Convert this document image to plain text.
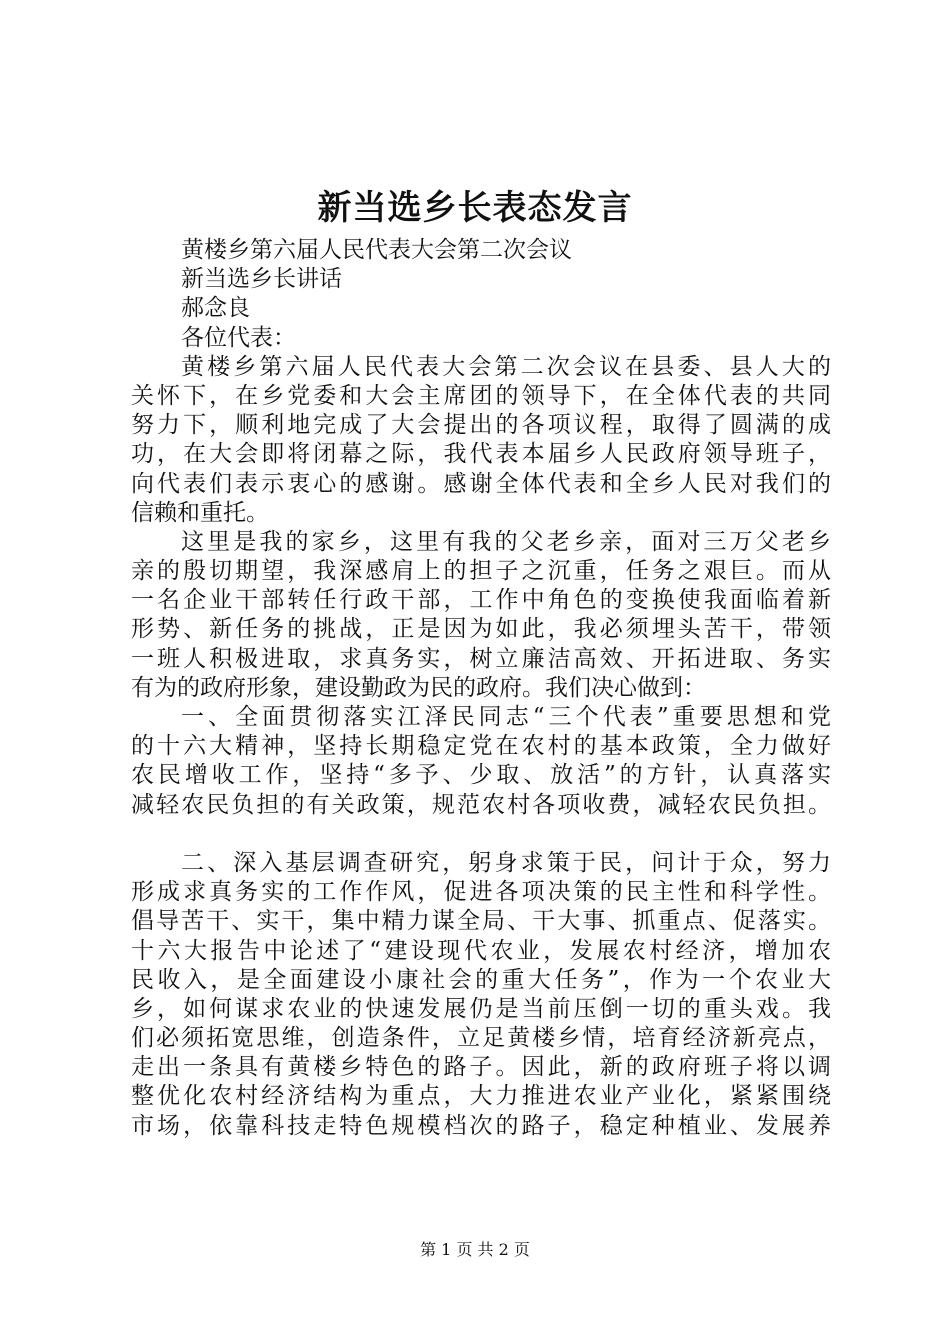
新当选乡长表态发言
黄楼乡第六届人民代表大会第二次会议
新当选乡长讲话
郝念良
各位代表：
黄楼乡第六届人民代表大会第二次会议在县委、县人大的
关怀下，在乡党委和大会主席团的领导下，在全体代表的共同
努力下，顺利地完成了大会提出的各项议程，取得了圆满的成
功，在大会即将闭幕之际，我代表本届乡人民政府领导班子，
向代表们表示衷心的感谢。感谢全体代表和全乡人民对我们的
信赖和重托。
这里是我的家乡，这里有我的父老乡亲，面对三万父老乡
亲的殷切期望，我深感肩上的担子之沉重，任务之艰巨。而从
一名企业干部转任行政干部，工作中角色的变换使我面临着新
形势、新任务的挑战，正是因为如此，我必须埋头苦干，带领
一班人积极进取，求真务实，树立廉洁高效、开拓进取、务实
有为的政府形象，建设勤政为民的政府。我们决心做到：
一、全面贯彻落实江泽民同志“三个代表”重要思想和党
的十六大精神，坚持长期稳定党在农村的基本政策，全力做好
农民增收工作，坚持“多予、少取、放活”的方针，认真落实
减轻农民负担的有关政策，规范农村各项收费，减轻农民负担。
二、深入基层调查研究，躬身求策于民，问计于众，努力
形成求真务实的工作作风，促进各项决策的民主性和科学性。
倡导苦干、实干，集中精力谋全局、干大事、抓重点、促落实。
十六大报告中论述了“建设现代农业，发展农村经济，增加农
民收入，是全面建设小康社会的重大任务”，作为一个农业大
乡，如何谋求农业的快速发展仍是当前压倒一切的重头戏。我
们必须拓宽思维，创造条件，立足黄楼乡情，培育经济新亮点，
走出一条具有黄楼乡特色的路子。因此，新的政府班子将以调
整优化农村经济结构为重点，大力推进农业产业化，紧紧围绕
市场，依靠科技走特色规模档次的路子，稳定种植业、发展养
第 1 页 共 2 页
